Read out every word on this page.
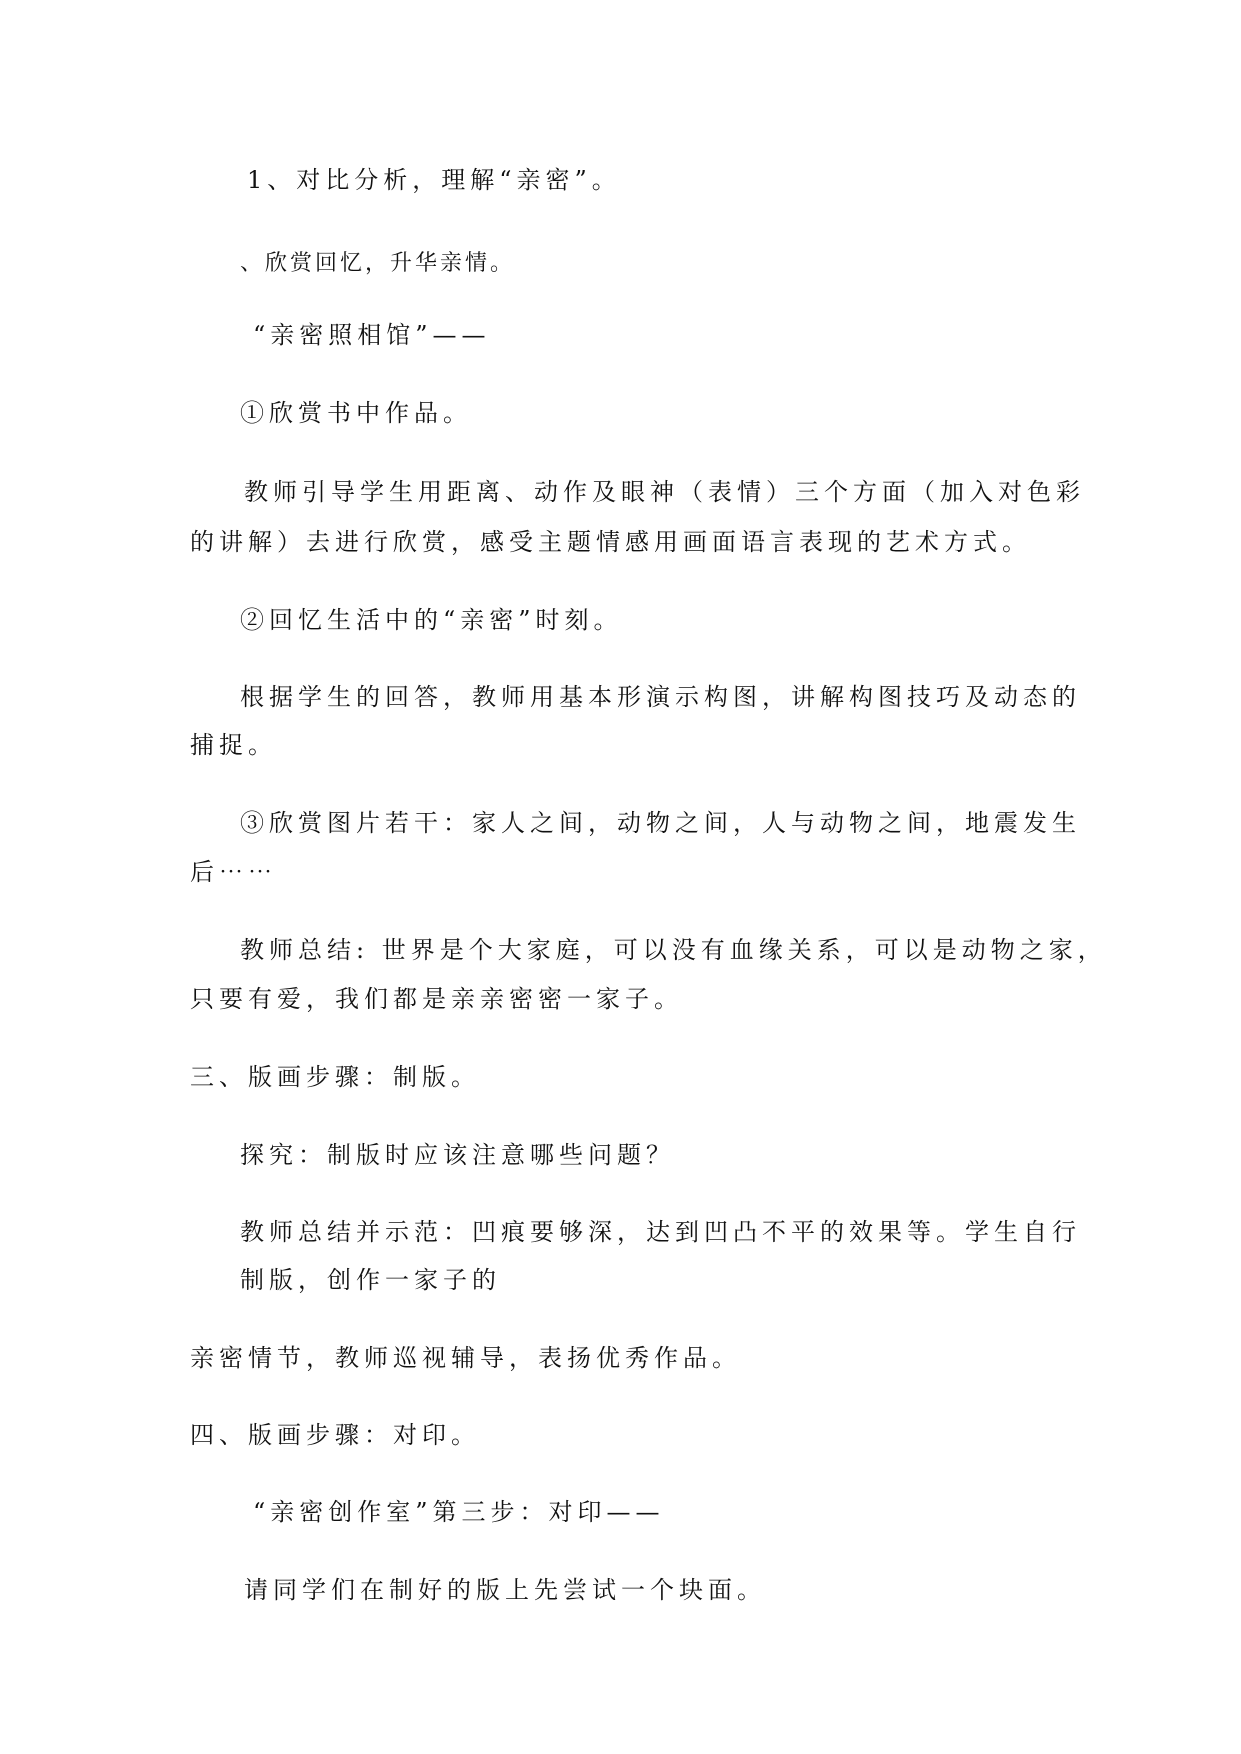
1、对比分析，理解“亲密”。
、欣赏回忆，升华亲情。
“亲密照相馆”——
①欣赏书中作品。
教师引导学生用距离、动作及眼神（表情）三个方面（加入对色彩
的讲解）去进行欣赏，感受主题情感用画面语言表现的艺术方式。
②回忆生活中的“亲密”时刻。
根据学生的回答，教师用基本形演示构图，讲解构图技巧及动态的
捕捉。
③欣赏图片若干：家人之间，动物之间，人与动物之间，地震发生
后⋯⋯
教师总结: 世界是个大家庭，可以没有血缘关系，可以是动物之家，
只要有爱，我们都是亲亲密密一家子。
三、版画步骤：制版。
探究：制版时应该注意哪些问题？
教师总结并示范：凹痕要够深，达到凹凸不平的效果等。学生自行
制版，创作一家子的
亲密情节，教师巡视辅导，表扬优秀作品。
四、版画步骤：对印。
“亲密创作室”第三步：对印——
请同学们在制好的版上先尝试一个块面。
